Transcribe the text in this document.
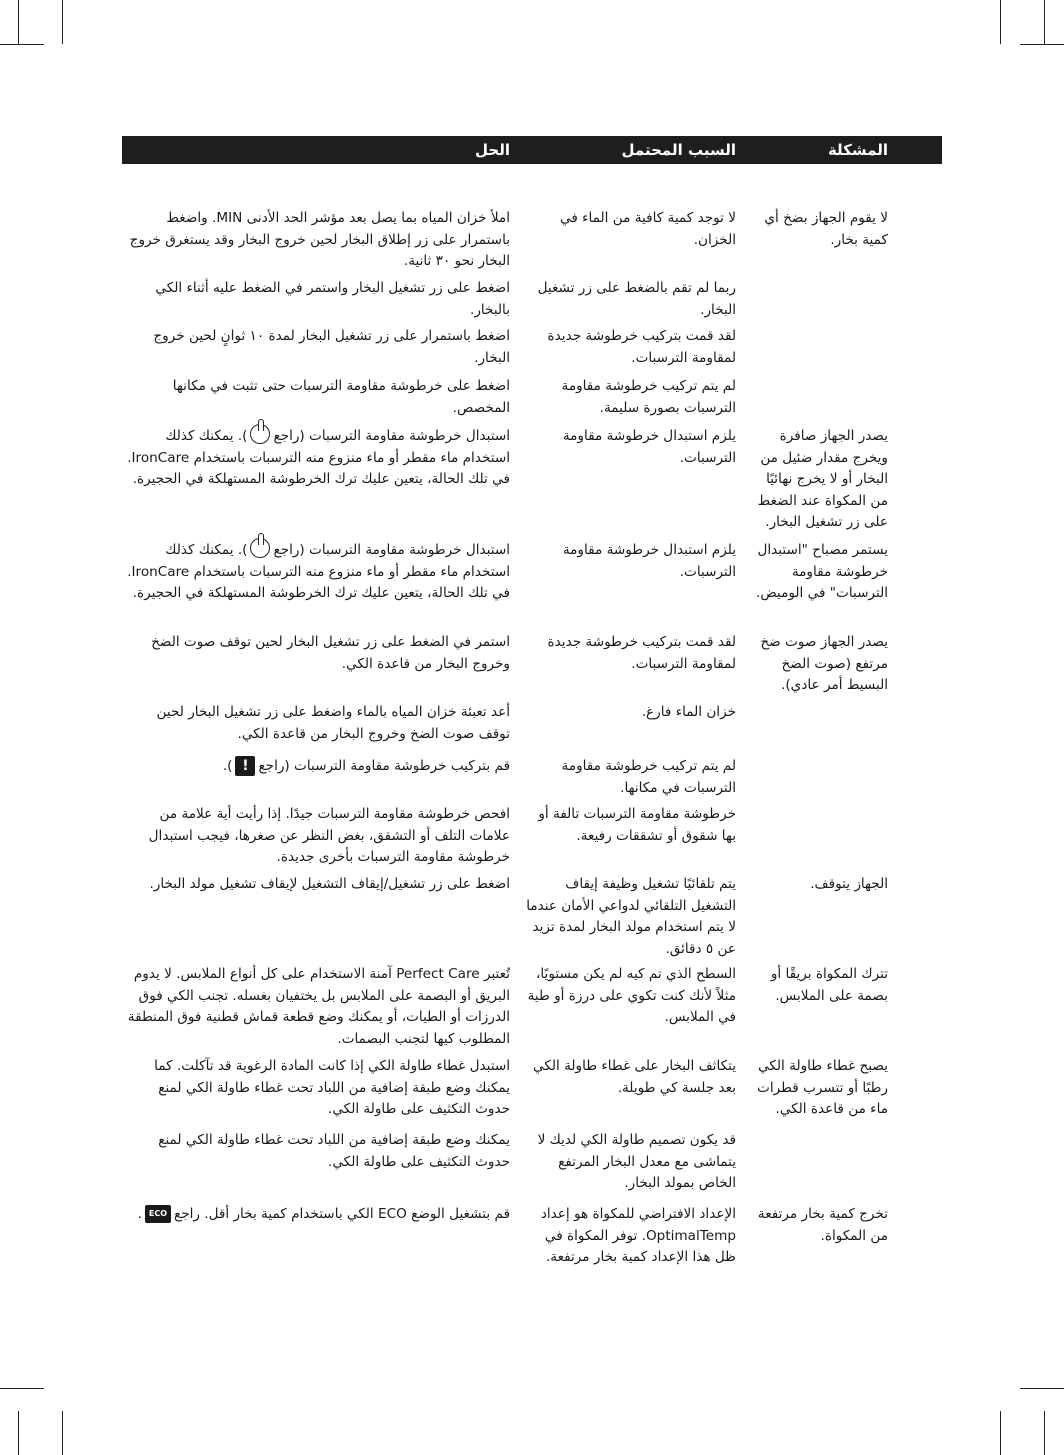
المشكلة
السبب المحتمل
الحل
لا يقوم الجهاز بضخ أي كمية بخار.
لا توجد كمية كافية من الماء في الخزان.
املأ خزان المياه بما يصل بعد مؤشر الحد الأدنى MIN. واضغط باستمرار على زر إطلاق البخار لحين خروج البخار وقد يستغرق خروج البخار نحو ٣٠ ثانية.
ربما لم تقم بالضغط على زر تشغيل البخار.
اضغط على زر تشغيل البخار واستمر في الضغط عليه أثناء الكي بالبخار.
لقد قمت بتركيب خرطوشة جديدة لمقاومة الترسبات.
اضغط باستمرار على زر تشغيل البخار لمدة ١٠ ثوانٍ لحين خروج البخار.
لم يتم تركيب خرطوشة مقاومة الترسبات بصورة سليمة.
اضغط على خرطوشة مقاومة الترسبات حتى تثبت في مكانها المخصص.
يصدر الجهاز صافرة ويخرج مقدار ضئيل من البخار أو لا يخرج نهائيًا من المكواة عند الضغط على زر تشغيل البخار.
يلزم استبدال خرطوشة مقاومة الترسبات.
استبدال خرطوشة مقاومة الترسبات (راجع). يمكنك كذلك استخدام ماء مقطر أو ماء منزوع منه الترسبات باستخدام IronCare. في تلك الحالة، يتعين عليك ترك الخرطوشة المستهلكة في الحجيرة.
يستمر مصباح "استبدال خرطوشة مقاومة الترسبات" في الوميض.
يلزم استبدال خرطوشة مقاومة الترسبات.
استبدال خرطوشة مقاومة الترسبات (راجع). يمكنك كذلك استخدام ماء مقطر أو ماء منزوع منه الترسبات باستخدام IronCare. في تلك الحالة، يتعين عليك ترك الخرطوشة المستهلكة في الحجيرة.
يصدر الجهاز صوت ضخ مرتفع (صوت الضخ البسيط أمر عادي).
لقد قمت بتركيب خرطوشة جديدة لمقاومة الترسبات.
استمر في الضغط على زر تشغيل البخار لحين توقف صوت الضخ وخروج البخار من قاعدة الكي.
خزان الماء فارغ.
أعد تعبئة خزان المياه بالماء واضغط على زر تشغيل البخار لحين توقف صوت الضخ وخروج البخار من قاعدة الكي.
لم يتم تركيب خرطوشة مقاومة الترسبات في مكانها.
قم بتركيب خرطوشة مقاومة الترسبات (راجع!).
خرطوشة مقاومة الترسبات تالفة أو بها شقوق أو تشققات رفيعة.
افحص خرطوشة مقاومة الترسبات جيدًا. إذا رأيت أية علامة من علامات التلف أو التشقق، بغض النظر عن صغرها، فيجب استبدال خرطوشة مقاومة الترسبات بأخرى جديدة.
الجهاز يتوقف.
يتم تلقائيًا تشغيل وظيفة إيقاف التشغيل التلقائي لدواعي الأمان عندما لا يتم استخدام مولد البخار لمدة تزيد عن ٥ دقائق.
اضغط على زر تشغيل/إيقاف التشغيل لإيقاف تشغيل مولد البخار.
تترك المكواة بريقًا أو بصمة على الملابس.
السطح الذي تم كيه لم يكن مستويًا، مثلاً لأنك كنت تكوي على درزة أو طية في الملابس.
تُعتبر Perfect Care آمنة الاستخدام على كل أنواع الملابس. لا يدوم البريق أو البصمة على الملابس بل يختفيان بغسله. تجنب الكي فوق الدرزات أو الطيات، أو يمكنك وضع قطعة قماش قطنية فوق المنطقة المطلوب كيها لتجنب البصمات.
يصبح غطاء طاولة الكي رطبًا أو تتسرب قطرات ماء من قاعدة الكي.
يتكاثف البخار على غطاء طاولة الكي بعد جلسة كي طويلة.
استبدل غطاء طاولة الكي إذا كانت المادة الرغوية قد تآكلت. كما يمكنك وضع طبقة إضافية من اللباد تحت غطاء طاولة الكي لمنع حدوث التكثيف على طاولة الكي.
قد يكون تصميم طاولة الكي لديك لا يتماشى مع معدل البخار المرتفع الخاص بمولد البخار.
يمكنك وضع طبقة إضافية من اللباد تحت غطاء طاولة الكي لمنع حدوث التكثيف على طاولة الكي.
تخرج كمية بخار مرتفعة من المكواة.
الإعداد الافتراضي للمكواة هو إعداد OptimalTemp. توفر المكواة في ظل هذا الإعداد كمية بخار مرتفعة.
قم بتشغيل الوضع ECO الكي باستخدام كمية بخار أقل. راجعECO.
